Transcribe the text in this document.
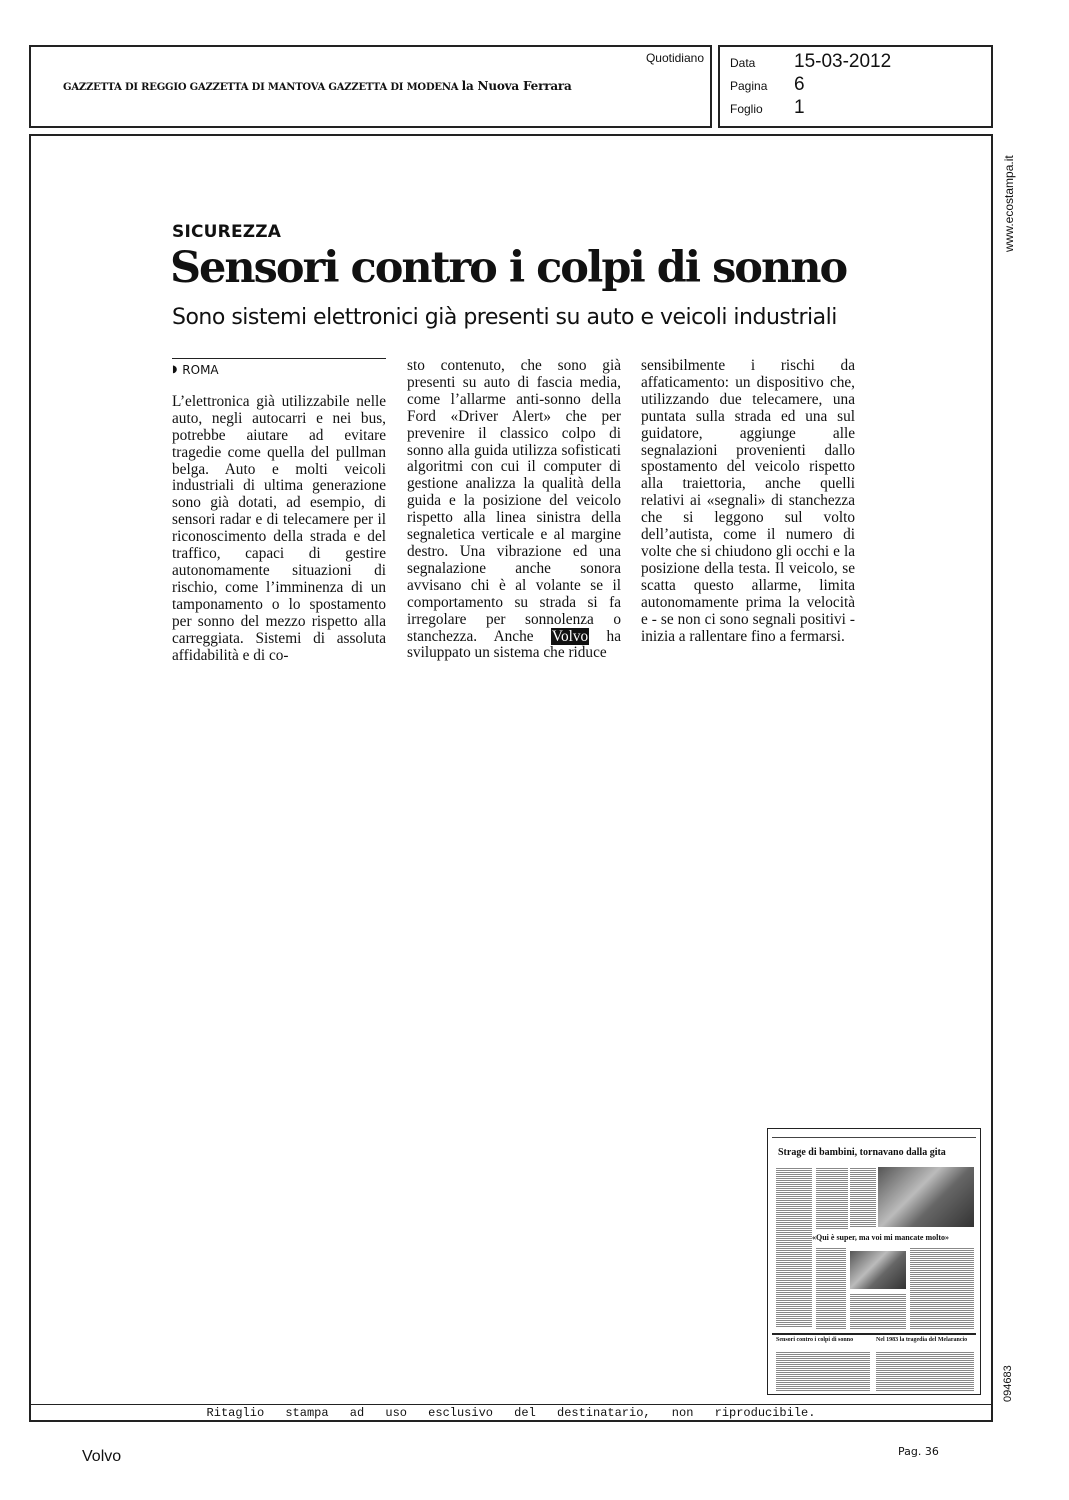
Quotidiano
GAZZETTA DI REGGIO GAZZETTA DI MANTOVA GAZZETTA DI MODENA la Nuova Ferrara
Data 15-03-2012
Pagina 6
Foglio 1
www.ecostampa.it
094683
Ritaglio stampa ad uso esclusivo del destinatario, non riproducibile.
SICUREZZA
Sensori contro i colpi di sonno
Sono sistemi elettronici già presenti su auto e veicoli industriali
◗ ROMA
L’elettronica già utilizzabile nelle auto, negli autocarri e nei bus, potrebbe aiutare ad evitare tragedie come quella del pullman belga. Auto e molti veicoli industriali di ultima generazione sono già dotati, ad esempio, di sensori radar e di telecamere per il riconoscimento della strada e del traffico, capaci di gestire autonomamente situazioni di rischio, come l’imminenza di un tamponamento o lo spostamento per sonno del mezzo rispetto alla carreggiata. Sistemi di assoluta affidabilità e di co-
sto contenuto, che sono già presenti su auto di fascia media, come l’allarme anti-sonno della Ford «Driver Alert» che per prevenire il classico colpo di sonno alla guida utilizza sofisticati algoritmi con cui il computer di gestione analizza la qualità della guida e la posizione del veicolo rispetto alla linea sinistra della segnaletica verticale e al margine destro. Una vibrazione ed una segnalazione anche sonora avvisano chi è al volante se il comportamento su strada si fa irregolare per sonnolenza o stanchezza. Anche Volvo ha sviluppato un sistema che riduce
sensibilmente i rischi da affaticamento: un dispositivo che, utilizzando due telecamere, una puntata sulla strada ed una sul guidatore, aggiunge alle segnalazioni provenienti dallo spostamento del veicolo rispetto alla traiettoria, anche quelli relativi ai «segnali» di stanchezza che si leggono sul volto dell’autista, come il numero di volte che si chiudono gli occhi e la posizione della testa. Il veicolo, se scatta questo allarme, limita autonomamente prima la velocità e - se non ci sono segnali positivi - inizia a rallentare fino a fermarsi.
Strage di bambini, tornavano dalla gita
«Qui è super, ma voi mi mancate molto»
Sensori contro i colpi di sonno	Nel 1983 la tragedia del Melarancio
Volvo	Pag. 36
